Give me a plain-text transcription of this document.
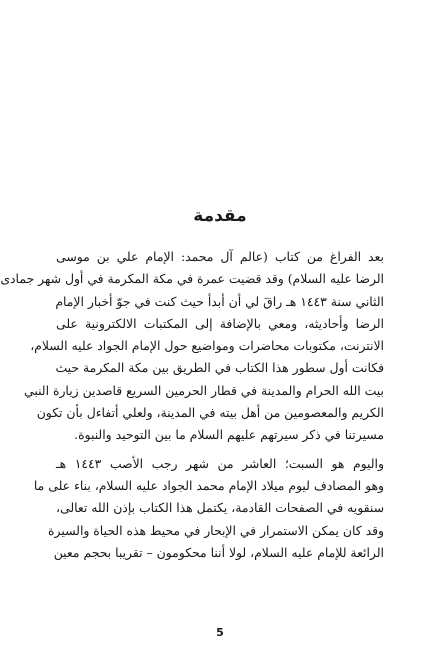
مقدمة
بعد الفراغ من كتاب (عالم آل محمد: الإمام علي بن موسى
الرضا عليه السلام) وقد قضيت عمرة في مكة المكرمة في أول شهر جمادى
الثاني سنة ١٤٤٣ هـ راقَ لي أن أبدأ حيث كنت في جوّ أخبار الإمام
الرضا وأحاديثه، ومعي بالإضافة إلى المكتبات الالكترونية على
الانترنت، مكتوبات محاضرات ومواضيع حول الإمام الجواد عليه السلام،
فكانت أول سطور هذا الكتاب في الطريق بين مكة المكرمة حيث
بيت الله الحرام والمدينة في قطار الحرمين السريع قاصدين زيارة النبي
الكريم والمعصومين من أهل بيته في المدينة، ولعلي أتفاءل بأن تكون
مسيرتنا في ذكر سيرتهم عليهم السلام ما بين التوحيد والنبوة.
واليوم هو السبت؛ العاشر من شهر رجب الأصب ١٤٤٣ هـ
وهو المصادف ليوم ميلاد الإمام محمد الجواد عليه السلام، بناء على ما
سنقويه في الصفحات القادمة، يكتمل هذا الكتاب بإذن الله تعالى،
وقد كان يمكن الاستمرار في الإبحار في محيط هذه الحياة والسيرة
الرائعة للإمام عليه السلام، لولا أننا محكومون – تقريبا بحجم معين
5
